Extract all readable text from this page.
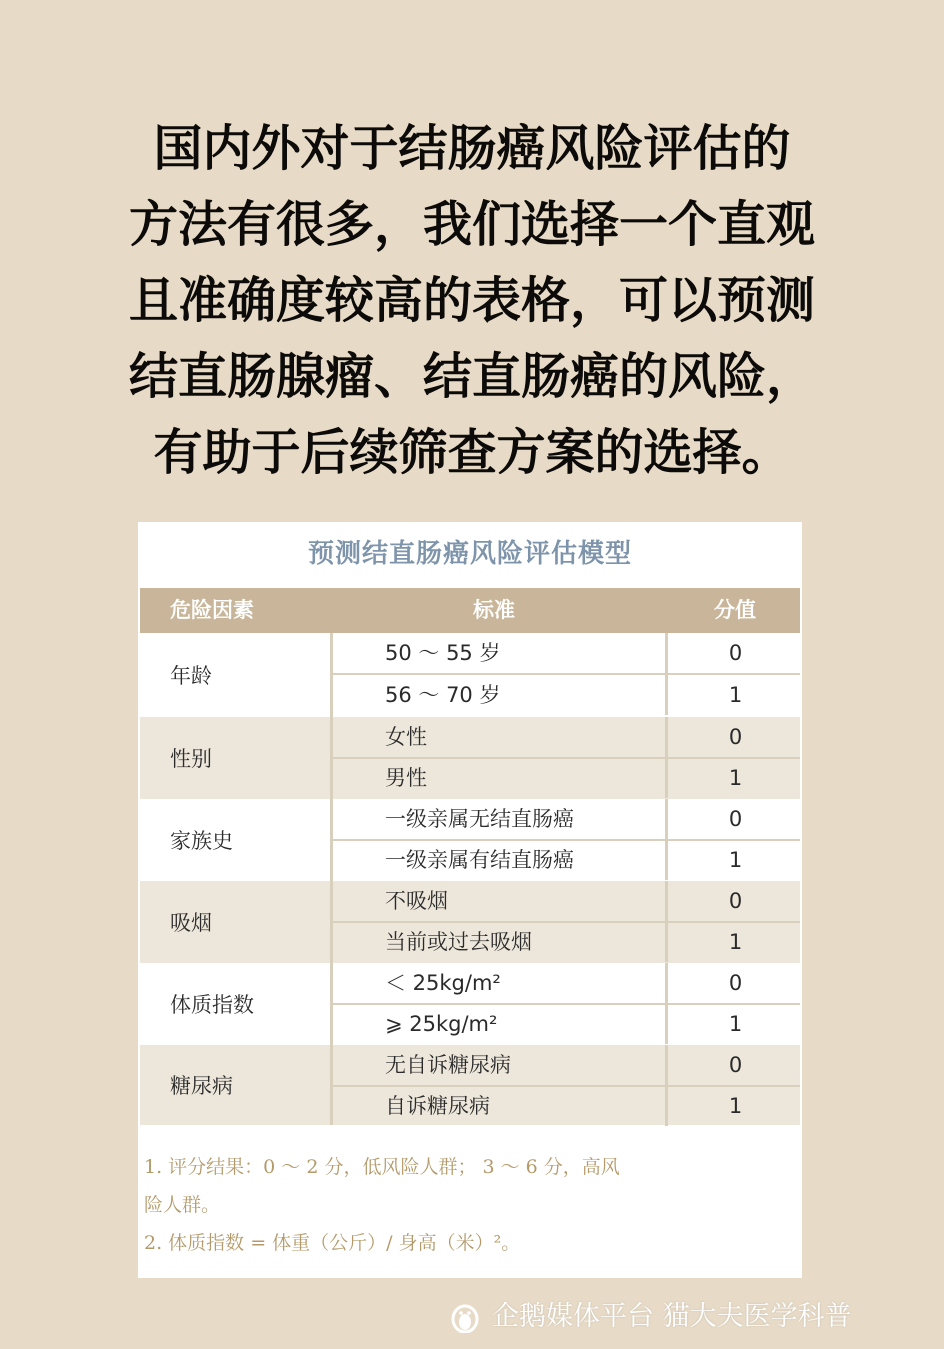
国内外对于结肠癌风险评估的
方法有很多，我们选择一个直观
且准确度较高的表格，可以预测
结直肠腺瘤、结直肠癌的风险，
有助于后续筛查方案的选择。
预测结直肠癌风险评估模型
危险因素	标准	分值
年龄
50 ～ 55 岁	0
56 ～ 70 岁	1
性别
女性	0
男性	1
家族史
一级亲属无结直肠癌	0
一级亲属有结直肠癌	1
吸烟
不吸烟	0
当前或过去吸烟	1
体质指数
＜ 25kg/m²	0
⩾ 25kg/m²	1
糖尿病
无自诉糖尿病	0
自诉糖尿病	1
1. 评分结果：0 ～ 2 分，低风险人群； 3 ～ 6 分，高风
险人群。
2. 体质指数 = 体重（公斤）/ 身高（米）²。
企鹅媒体平台 猫大夫医学科普
